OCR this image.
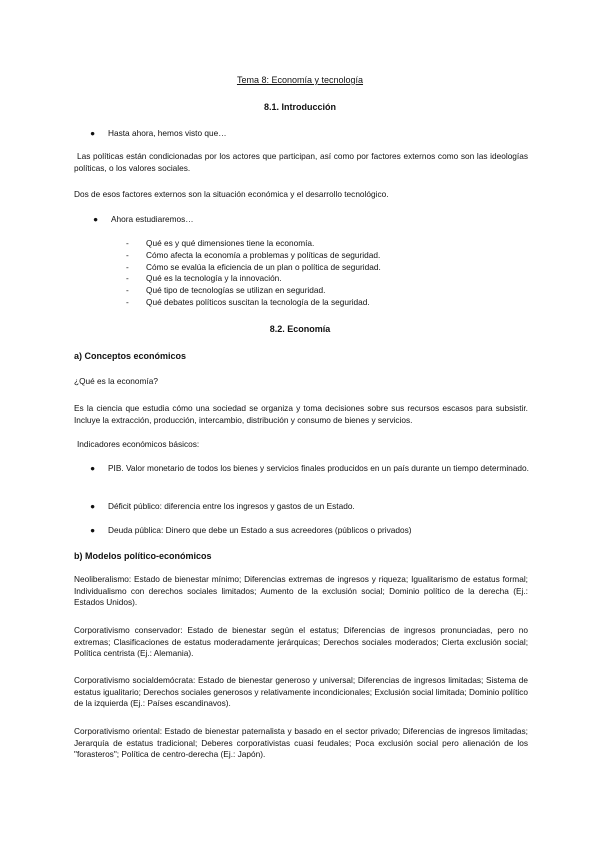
Tema 8: Economía y tecnología
8.1. Introducción
● Hasta ahora, hemos visto que…
Las políticas están condicionadas por los actores que participan, así como por factores externos como son las ideologías políticas, o los valores sociales.
Dos de esos factores externos son la situación económica y el desarrollo tecnológico.
● Ahora estudiaremos…
- Qué es y qué dimensiones tiene la economía.
- Cómo afecta la economía a problemas y políticas de seguridad.
- Cómo se evalúa la eficiencia de un plan o política de seguridad.
- Qué es la tecnología y la innovación.
- Qué tipo de tecnologías se utilizan en seguridad.
- Qué debates políticos suscitan la tecnología de la seguridad.
8.2. Economía
a) Conceptos económicos
¿Qué es la economía?
Es la ciencia que estudia cómo una sociedad se organiza y toma decisiones sobre sus recursos escasos para subsistir. Incluye la extracción, producción, intercambio, distribución y consumo de bienes y servicios.
Indicadores económicos básicos:
● PIB. Valor monetario de todos los bienes y servicios finales producidos en un país durante un tiempo determinado.
● Déficit público: diferencia entre los ingresos y gastos de un Estado.
● Deuda pública: Dinero que debe un Estado a sus acreedores (públicos o privados)
b) Modelos político-económicos
Neoliberalismo: Estado de bienestar mínimo; Diferencias extremas de ingresos y riqueza; Igualitarismo de estatus formal; Individualismo con derechos sociales limitados; Aumento de la exclusión social; Dominio político de la derecha (Ej.: Estados Unidos).
Corporativismo conservador: Estado de bienestar según el estatus; Diferencias de ingresos pronunciadas, pero no extremas; Clasificaciones de estatus moderadamente jerárquicas; Derechos sociales moderados; Cierta exclusión social; Política centrista (Ej.: Alemania).
Corporativismo socialdemócrata: Estado de bienestar generoso y universal; Diferencias de ingresos limitadas; Sistema de estatus igualitario; Derechos sociales generosos y relativamente incondicionales; Exclusión social limitada; Dominio político de la izquierda (Ej.: Países escandinavos).
Corporativismo oriental: Estado de bienestar paternalista y basado en el sector privado; Diferencias de ingresos limitadas; Jerarquía de estatus tradicional; Deberes corporativistas cuasi feudales; Poca exclusión social pero alienación de los "forasteros"; Política de centro-derecha (Ej.: Japón).
